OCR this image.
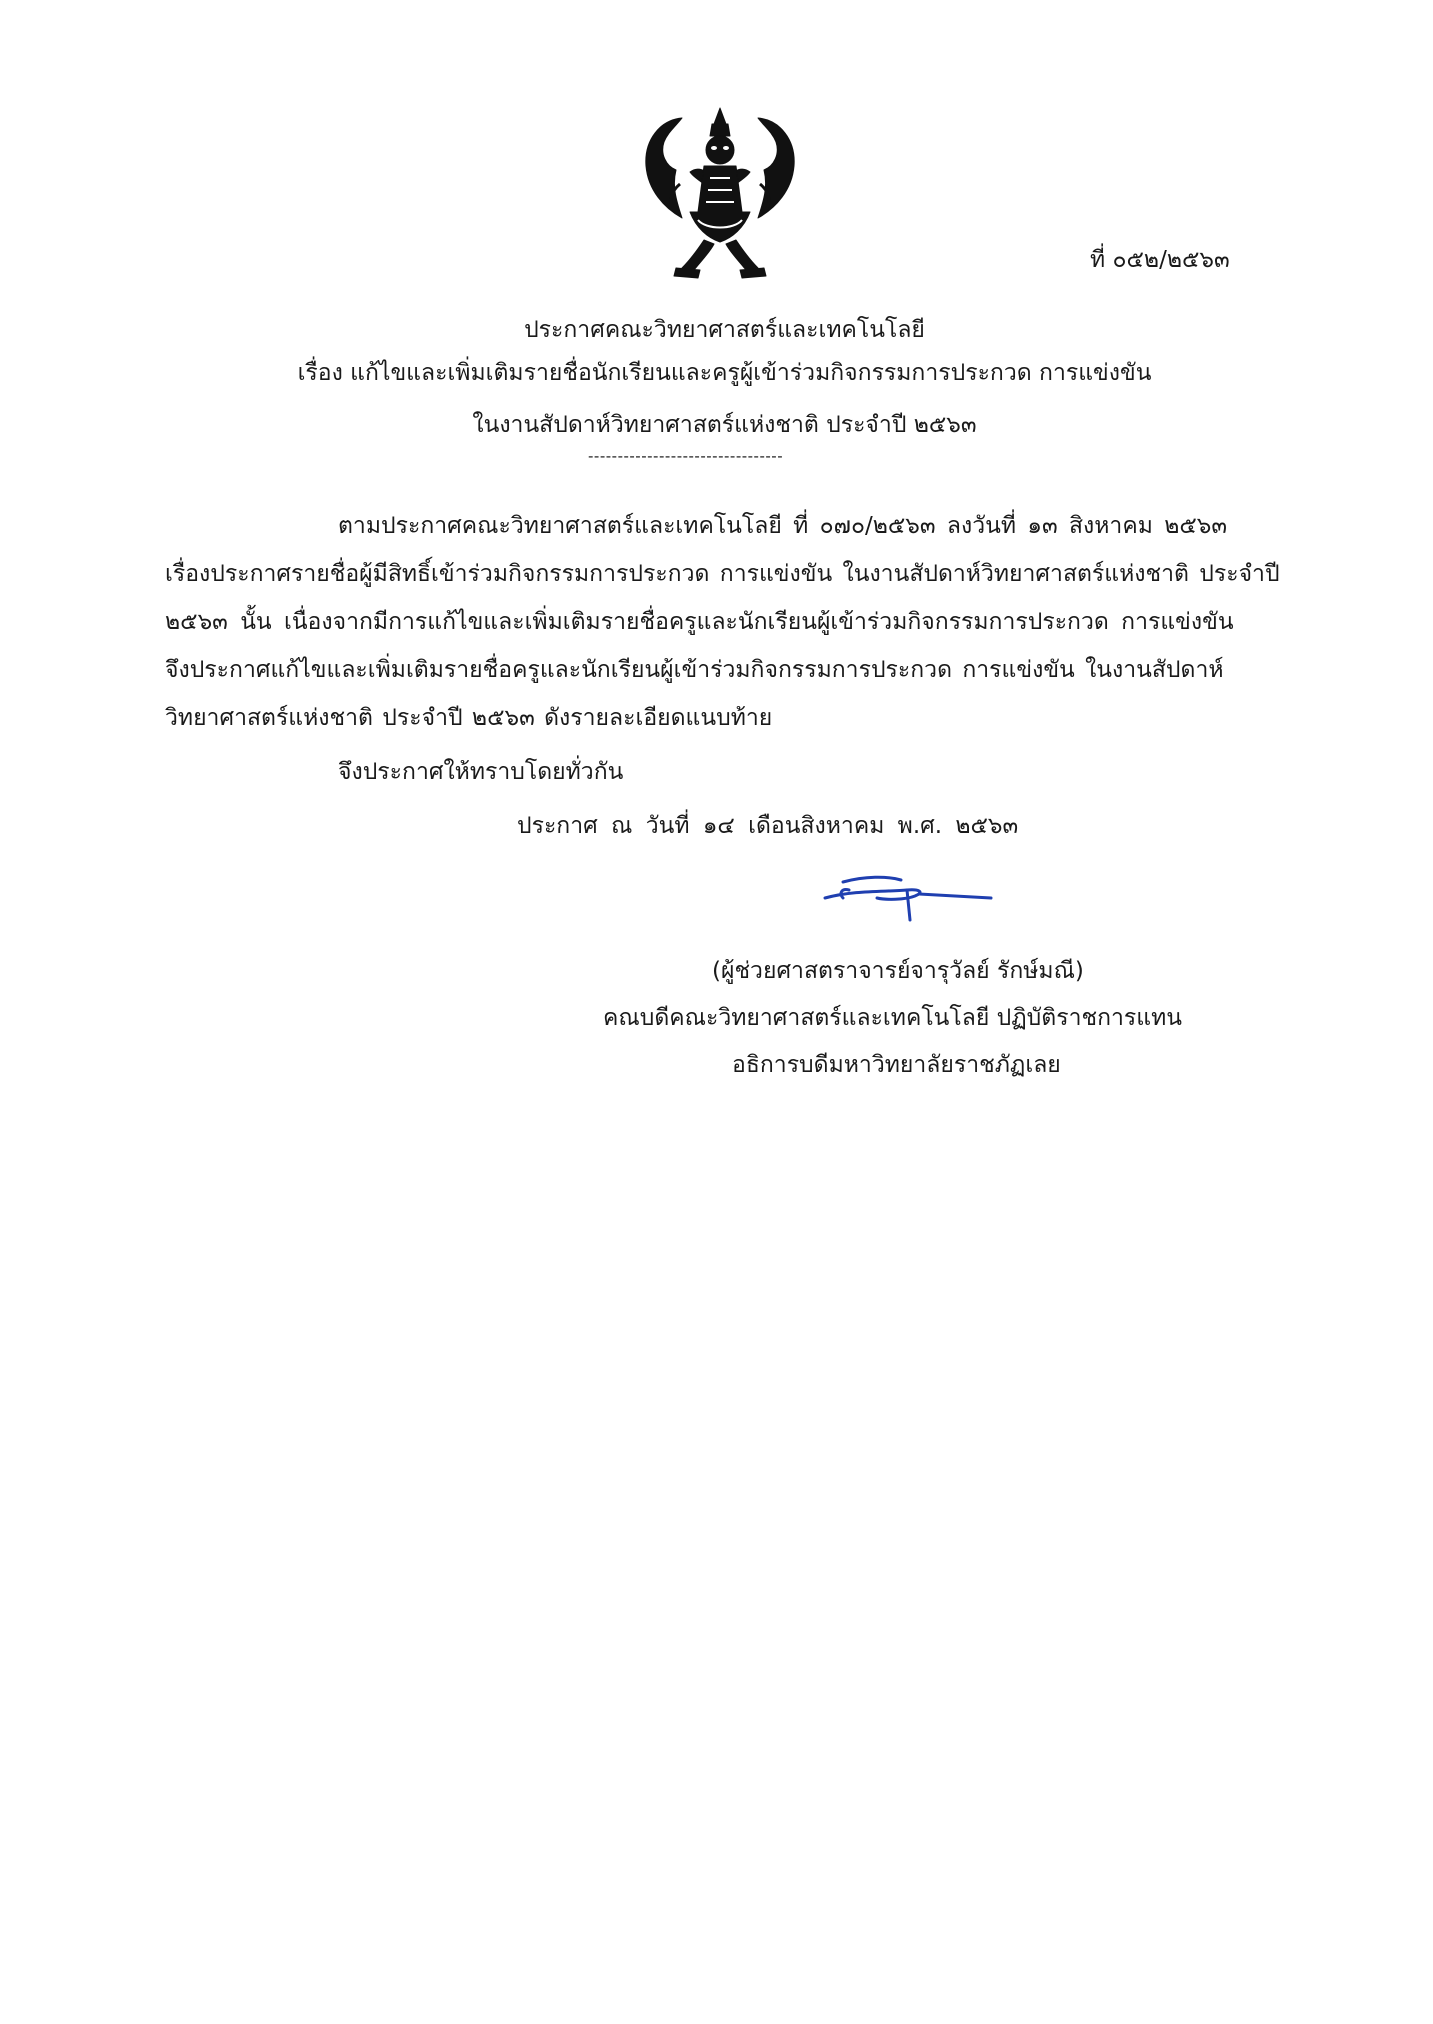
ที่ ๐๕๒/๒๕๖๓
ประกาศคณะวิทยาศาสตร์และเทคโนโลยี
เรื่อง แก้ไขและเพิ่มเติมรายชื่อนักเรียนและครูผู้เข้าร่วมกิจกรรมการประกวด การแข่งขัน
ในงานสัปดาห์วิทยาศาสตร์แห่งชาติ ประจำปี ๒๕๖๓
---------------------------------
ตามประกาศคณะวิทยาศาสตร์และเทคโนโลยี ที่ ๐๗๐/๒๕๖๓ ลงวันที่ ๑๓ สิงหาคม ๒๕๖๓
เรื่องประกาศรายชื่อผู้มีสิทธิ์เข้าร่วมกิจกรรมการประกวด การแข่งขัน ในงานสัปดาห์วิทยาศาสตร์แห่งชาติ ประจำปี
๒๕๖๓ นั้น เนื่องจากมีการแก้ไขและเพิ่มเติมรายชื่อครูและนักเรียนผู้เข้าร่วมกิจกรรมการประกวด การแข่งขัน
จึงประกาศแก้ไขและเพิ่มเติมรายชื่อครูและนักเรียนผู้เข้าร่วมกิจกรรมการประกวด การแข่งขัน ในงานสัปดาห์
วิทยาศาสตร์แห่งชาติ ประจำปี ๒๕๖๓ ดังรายละเอียดแนบท้าย
จึงประกาศให้ทราบโดยทั่วกัน
ประกาศ ณ วันที่ ๑๔ เดือนสิงหาคม พ.ศ. ๒๕๖๓
(ผู้ช่วยศาสตราจารย์จารุวัลย์ รักษ์มณี)
คณบดีคณะวิทยาศาสตร์และเทคโนโลยี ปฏิบัติราชการแทน
อธิการบดีมหาวิทยาลัยราชภัฏเลย
